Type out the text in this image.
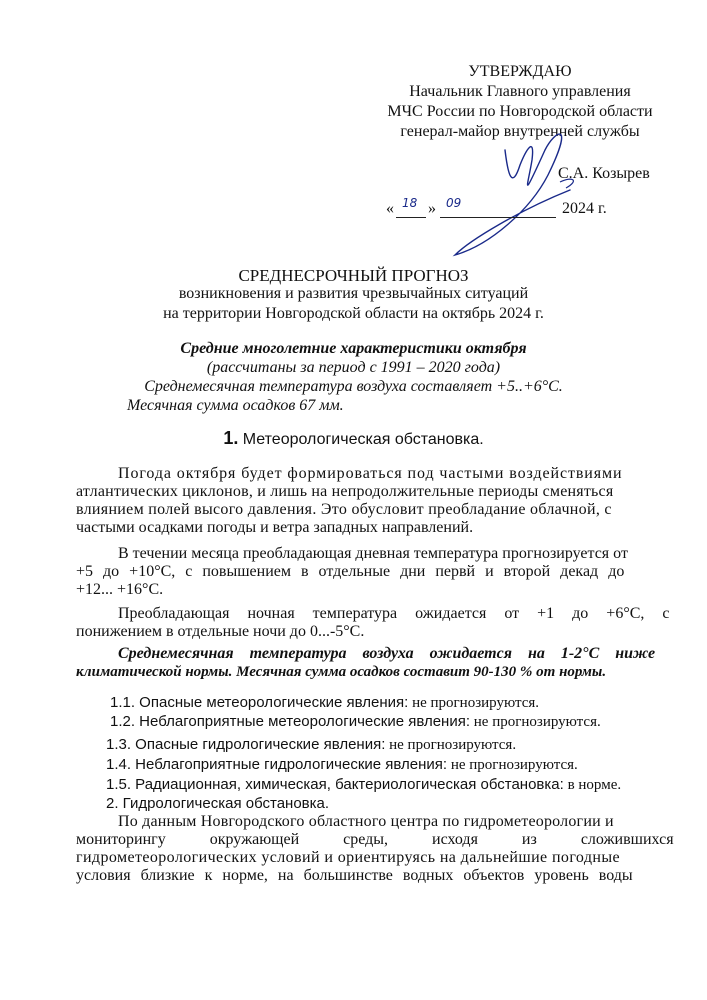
УТВЕРЖДАЮ
Начальник Главного управления
МЧС России по Новгородской области
генерал-майор внутренней службы
С.А. Козырев
« 18 » 09	2024 г.
СРЕДНЕСРОЧНЫЙ ПРОГНОЗ
возникновения и развития чрезвычайных ситуаций
на территории Новгородской области на октябрь 2024 г.
Средние многолетние характеристики октября
(рассчитаны за период с 1991 – 2020 года)
Среднемесячная температура воздуха составляет +5..+6°С.
Месячная сумма осадков 67 мм.
1. Метеорологическая обстановка.
Погода октября будет формироваться под частыми воздействиями
атлантических циклонов, и лишь на непродолжительные периоды сменяться
влиянием полей высого давления. Это обусловит преобладание облачной, с
частыми осадками погоды и ветра западных направлений.
В течении месяца преобладающая дневная температура прогнозируется от
+5 до +10°С, с повышением в отдельные дни первй и второй декад до
+12... +16°С.
Преобладающая ночная температура ожидается от +1 до +6°С, с
понижением в отдельные ночи до 0...-5°С.
Среднемесячная температура воздуха ожидается на 1-2°С ниже
климатической нормы. Месячная сумма осадков составит 90-130 % от нормы.
1.1. Опасные метеорологические явления: не прогнозируются.
1.2. Неблагоприятные метеорологические явления: не прогнозируются.
1.3. Опасные гидрологические явления: не прогнозируются.
1.4. Неблагоприятные гидрологические явления: не прогнозируются.
1.5. Радиационная, химическая, бактериологическая обстановка: в норме.
2. Гидрологическая обстановка.
По данным Новгородского областного центра по гидрометеорологии и
мониторингу окружающей среды, исходя из сложившихся
гидрометеорологических условий и ориентируясь на дальнейшие погодные
условия близкие к норме, на большинстве водных объектов уровень воды
